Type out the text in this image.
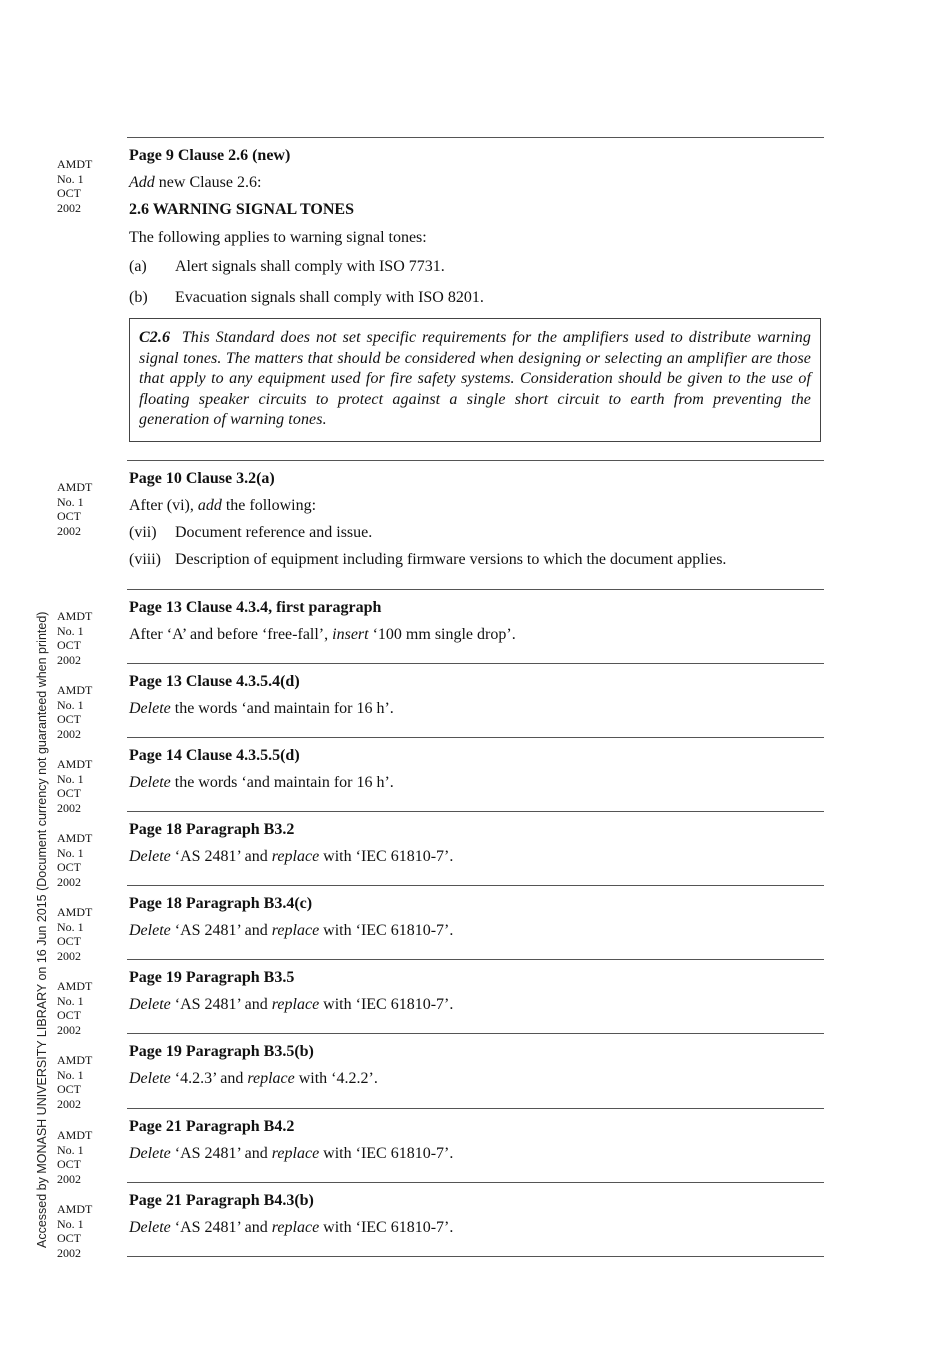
Accessed by MONASH UNIVERSITY LIBRARY on 16 Jun 2015 (Document currency not guaranteed when printed)
AMDT
No. 1
OCT
2002
Page 9 Clause 2.6 (new)
Add new Clause 2.6:
2.6 WARNING SIGNAL TONES
The following applies to warning signal tones:
(a)	Alert signals shall comply with ISO 7731.
(b)	Evacuation signals shall comply with ISO 8201.
C2.6 This Standard does not set specific requirements for the amplifiers used to distribute warning signal tones. The matters that should be considered when designing or selecting an amplifier are those that apply to any equipment used for fire safety systems. Consideration should be given to the use of floating speaker circuits to protect against a single short circuit to earth from preventing the generation of warning tones.
AMDT
No. 1
OCT
2002
Page 10 Clause 3.2(a)
After (vi), add the following:
(vii)	Document reference and issue.
(viii) Description of equipment including firmware versions to which the document applies.
AMDT
No. 1
OCT
2002
Page 13 Clause 4.3.4, first paragraph
After ‘A’ and before ‘free-fall’, insert ‘100 mm single drop’.
AMDT
No. 1
OCT
2002
Page 13 Clause 4.3.5.4(d)
Delete the words ‘and maintain for 16 h’.
AMDT
No. 1
OCT
2002
Page 14 Clause 4.3.5.5(d)
Delete the words ‘and maintain for 16 h’.
AMDT
No. 1
OCT
2002
Page 18 Paragraph B3.2
Delete ‘AS 2481’ and replace with ‘IEC 61810-7’.
AMDT
No. 1
OCT
2002
Page 18 Paragraph B3.4(c)
Delete ‘AS 2481’ and replace with ‘IEC 61810-7’.
AMDT
No. 1
OCT
2002
Page 19 Paragraph B3.5
Delete ‘AS 2481’ and replace with ‘IEC 61810-7’.
AMDT
No. 1
OCT
2002
Page 19 Paragraph B3.5(b)
Delete ‘4.2.3’ and replace with ‘4.2.2’.
AMDT
No. 1
OCT
2002
Page 21 Paragraph B4.2
Delete ‘AS 2481’ and replace with ‘IEC 61810-7’.
AMDT
No. 1
OCT
2002
Page 21 Paragraph B4.3(b)
Delete ‘AS 2481’ and replace with ‘IEC 61810-7’.
